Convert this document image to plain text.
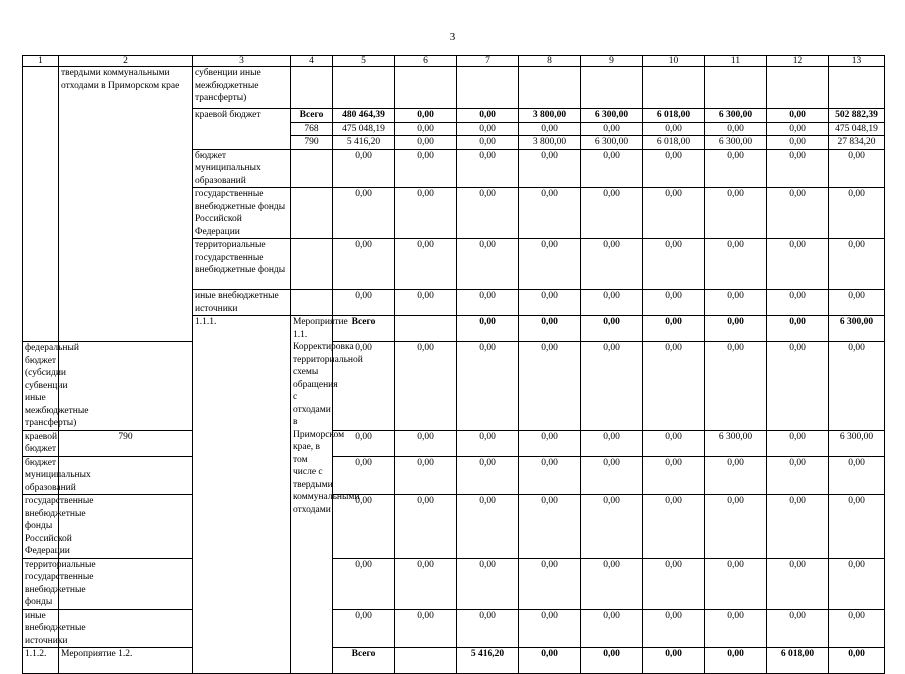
3
1	2	3	4	5	6	7	8	9	10	11	12	13	
	твердыми коммунальными отходами в Приморском крае	субвенции иные межбюджетные трансферты)											
		краевой бюджет	Всего	480 464,39	0,00	0,00	3 800,00	6 300,00	6 018,00	6 300,00	0,00	502 882,39	
			768	475 048,19	0,00	0,00	0,00	0,00	0,00	0,00	0,00	475 048,19	
			790	5 416,20	0,00	0,00	3 800,00	6 300,00	6 018,00	6 300,00	0,00	27 834,20	
		бюджет муниципальных образований		0,00	0,00	0,00	0,00	0,00	0,00	0,00	0,00	0,00	
		государственные внебюджетные фонды Российской Федерации		0,00	0,00	0,00	0,00	0,00	0,00	0,00	0,00	0,00	
		территориальные государственные внебюджетные фонды		0,00	0,00	0,00	0,00	0,00	0,00	0,00	0,00	0,00	
		иные внебюджетные источники		0,00	0,00	0,00	0,00	0,00	0,00	0,00	0,00	0,00	
		1.1.1.	Мероприятие 1.1. Корректировка территориальной схемы обращения с отходами в Приморском крае, в том числе с твердыми коммунальными отходами	Всего		0,00	0,00	0,00	0,00	0,00	0,00	6 300,00		
федеральный бюджет (субсидии субвенции иные межбюджетные трансферты)				0,00	0,00	0,00	0,00	0,00	0,00	0,00	0,00	0,00	
краевой бюджет	790			0,00	0,00	0,00	0,00	0,00	0,00	6 300,00	0,00	6 300,00	
бюджет муниципальных образований				0,00	0,00	0,00	0,00	0,00	0,00	0,00	0,00	0,00	
государственные внебюджетные фонды Российской Федерации				0,00	0,00	0,00	0,00	0,00	0,00	0,00	0,00	0,00	
территориальные государственные внебюджетные фонды				0,00	0,00	0,00	0,00	0,00	0,00	0,00	0,00	0,00	
иные внебюджетные источники				0,00	0,00	0,00	0,00	0,00	0,00	0,00	0,00	0,00	
1.1.2.	Мероприятие 1.2.			Всего		5 416,20	0,00	0,00	0,00	0,00	6 018,00	0,00		
